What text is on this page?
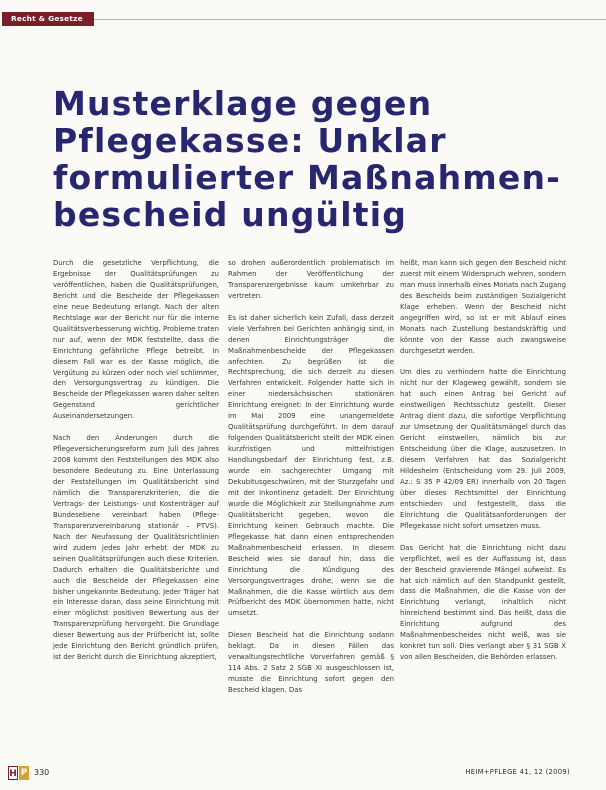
Recht & Gesetze
Musterklage gegen
Pflegekasse: Unklar
formulierter Maßnahmen-
bescheid ungültig

Durch die gesetzliche Verpflichtung, die Ergebnisse der Qualitätsprüfungen zu veröffentlichen, haben die Qualitätsprüfungen, Bericht und die Bescheide der Pflegekassen eine neue Bedeutung erlangt. Nach der alten Rechtslage war der Bericht nur für die interne Qualitätsverbesserung wichtig. Probleme traten nur auf, wenn der MDK feststellte, dass die Einrichtung gefährliche Pflege betreibt. In diesem Fall war es der Kasse möglich, die Vergütung zu kürzen oder noch viel schlimmer, den Versorgungsvertrag zu kündigen. Die Bescheide der Pflegekassen waren daher selten Gegenstand gerichtlicher Auseinandersetzungen.

Nach den Änderungen durch die Pflegeversicherungsreform zum Juli des Jahres 2008 kommt den Feststellungen des MDK also besondere Bedeutung zu. Eine Unterlassung der Feststellungen im Qualitätsbericht sind nämlich die Transparenzkriterien, die die Vertrags- der Leistungs- und Kostenträger auf Bundesebene vereinbart haben (Pflege-Transparenzvereinbarung stationär – PTVS). Nach der Neufassung der Qualitätsrichtlinien wird zudem jedes Jahr erhebt der MDK zu seinen Qualitätsprüfungen auch diese Kriterien. Dadurch erhalten die Qualitätsberichte und auch die Bescheide der Pflegekassen eine bisher ungekannte Bedeutung. Jeder Träger hat ein Interesse daran, dass seine Einrichtung mit einer möglichst positiven Bewertung aus der Transparenzprüfung hervorgeht. Die Grundlage dieser Bewertung aus der Prüfbericht ist, sollte jede Einrichtung den Bericht gründlich prüfen, ist der Bericht durch die Einrichtung akzeptiert,

so drohen außerordentlich problematisch im Rahmen der Veröffentlichung der Transparenzergebnisse kaum umkehrbar zu vertreten.

Es ist daher sicherlich kein Zufall, dass derzeit viele Verfahren bei Gerichten anhängig sind, in denen Einrichtungsträger die Maßnahmenbescheide der Pflegekassen anfechten. Zu begrüßen ist die Rechtsprechung, die sich derzeit zu diesen Verfahren entwickelt. Folgender hatte sich in einer niedersächsischen stationären Einrichtung ereignet: In der Einrichtung wurde im Mai 2009 eine unangemeldete Qualitätsprüfung durchgeführt. In dem darauf folgenden Qualitätsbericht stellt der MDK einen kurzfristigen und mittelfristigen Handlungsbedarf der Einrichtung fest, z.B. wurde ein sachgerechter Umgang mit Dekubitusgeschwüren, mit der Sturzgefahr und mit der Inkontinenz getadelt. Der Einrichtung wurde die Möglichkeit zur Stellungnahme zum Qualitätsbericht gegeben, wovon die Einrichtung keinen Gebrauch machte. Die Pflegekasse hat dann einen entsprechenden Maßnahmenbescheid erlassen. In diesem Bescheid wies sie darauf hin, dass die Einrichtung die Kündigung des Versorgungsvertrages drohe, wenn sie die Maßnahmen, die die Kasse wörtlich aus dem Prüfbericht des MDK übernommen hatte, nicht umsetzt.

Diesen Bescheid hat die Einrichtung sodann beklagt. Da in diesen Fällen das verwaltungsrechtliche Vorverfahren gemäß § 114 Abs. 2 Satz 2 SGB XI ausgeschlossen ist, musste die Einrichtung sofort gegen den Bescheid klagen. Das

heißt, man kann sich gegen den Bescheid nicht zuerst mit einem Widerspruch wehren, sondern man muss innerhalb eines Monats nach Zugang des Bescheids beim zuständigen Sozialgericht Klage erheben. Wenn der Bescheid nicht angegriffen wird, so ist er mit Ablauf eines Monats nach Zustellung bestandskräftig und könnte von der Kasse auch zwangsweise durchgesetzt werden.

Um dies zu verhindern hatte die Einrichtung nicht nur der Klageweg gewählt, sondern sie hat auch einen Antrag bei Gericht auf einstweiligen Rechtsschutz gestellt. Dieser Antrag dient dazu, die sofortige Verpflichtung zur Umsetzung der Qualitätsmängel durch das Gericht einstweilen, nämlich bis zur Entscheidung über die Klage, auszusetzen. In diesem Verfahren hat das Sozialgericht Hildesheim (Entscheidung vom 29. Juli 2009, Az.: S 35 P 42/09 ER) innerhalb von 20 Tagen über dieses Rechtsmittel der Einrichtung entschieden und festgestellt, dass die Einrichtung die Qualitätsanforderungen der Pflegekasse nicht sofort umsetzen muss.

Das Gericht hat die Einrichtung nicht dazu verpflichtet, weil es der Auffassung ist, dass der Bescheid gravierende Mängel aufweist. Es hat sich nämlich auf den Standpunkt gestellt, dass die Maßnahmen, die die Kasse von der Einrichtung verlangt, inhaltlich nicht hinreichend bestimmt sind. Das heißt, dass die Einrichtung aufgrund des Maßnahmenbescheides nicht weiß, was sie konkret tun soll. Dies verlangt aber § 31 SGB X von allen Bescheiden, die Behörden erlassen.

H P 330	HEIM+PFLEGE 41, 12 (2009)
